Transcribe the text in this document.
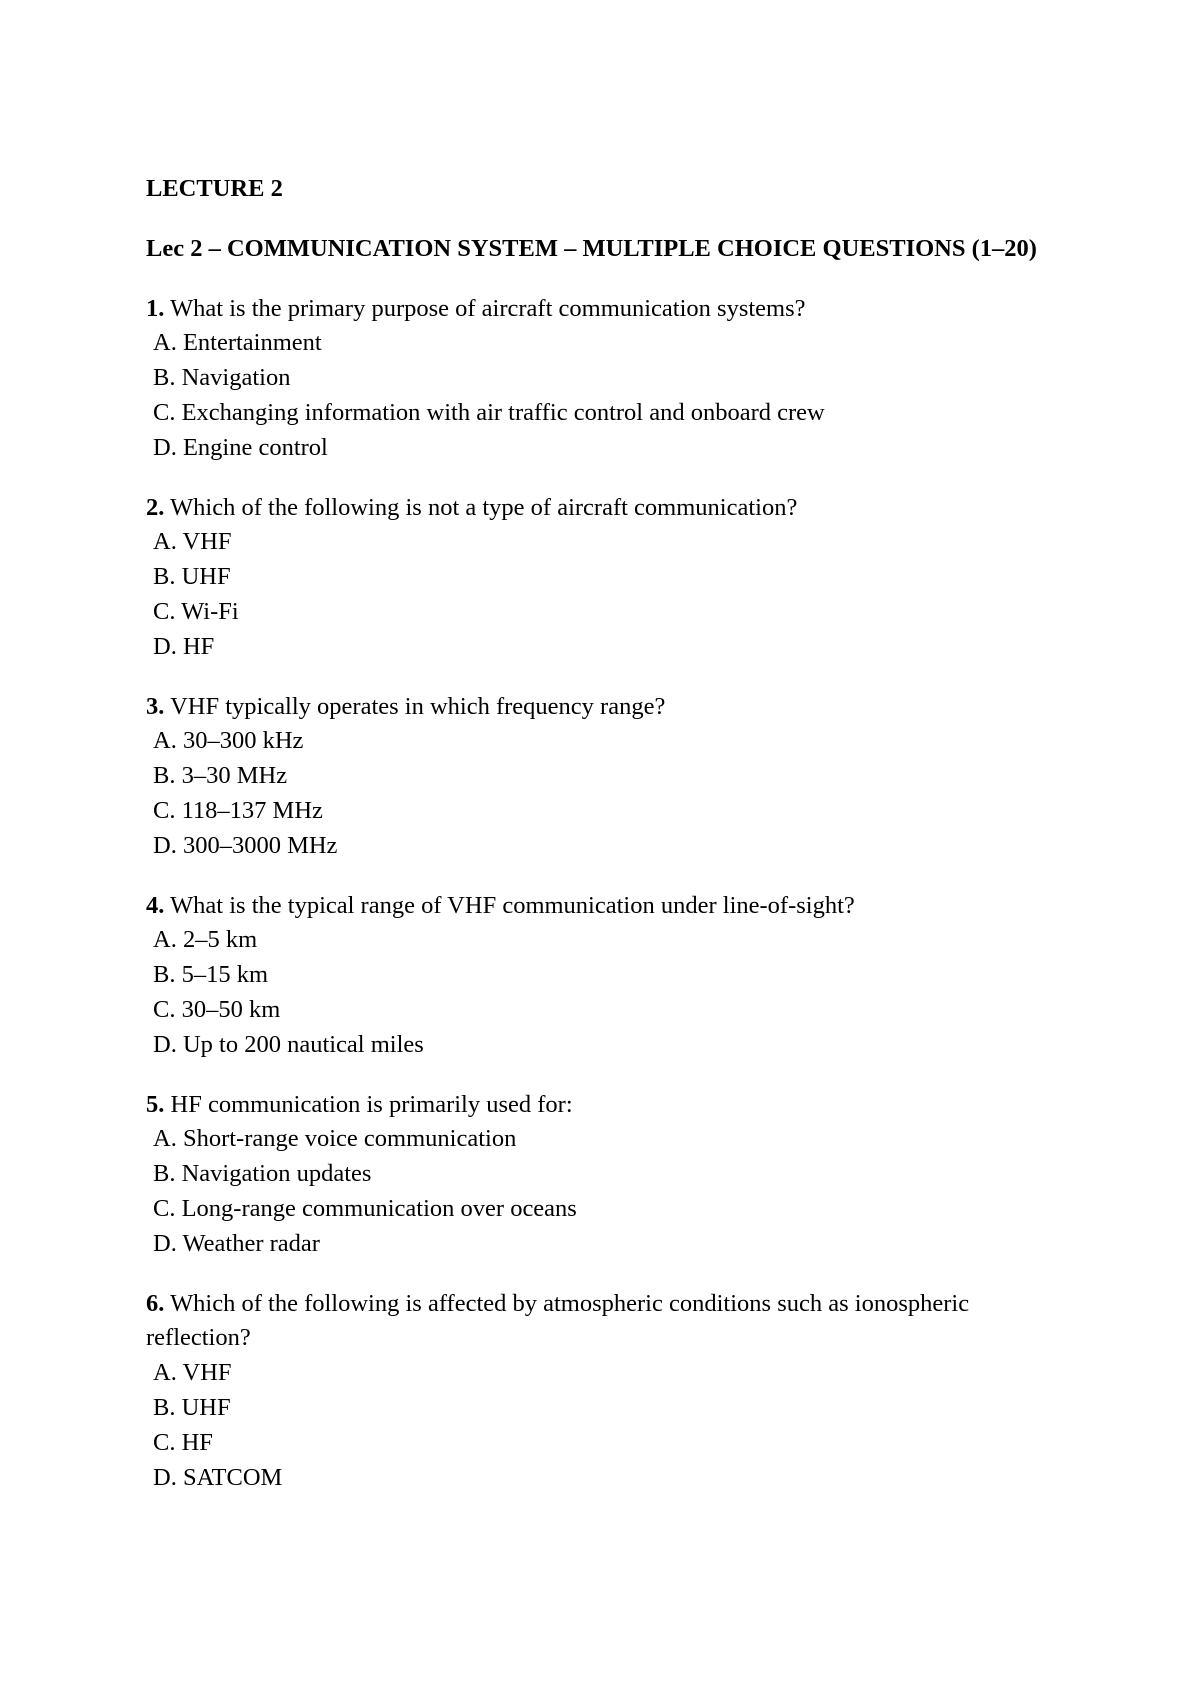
LECTURE 2

Lec 2 – COMMUNICATION SYSTEM – MULTIPLE CHOICE QUESTIONS (1–20)

1. What is the primary purpose of aircraft communication systems?

A. Entertainment
B. Navigation
C. Exchanging information with air traffic control and onboard crew
D. Engine control

2. Which of the following is not a type of aircraft communication?

A. VHF
B. UHF
C. Wi-Fi
D. HF

3. VHF typically operates in which frequency range?

A. 30–300 kHz
B. 3–30 MHz
C. 118–137 MHz
D. 300–3000 MHz

4. What is the typical range of VHF communication under line-of-sight?

A. 2–5 km
B. 5–15 km
C. 30–50 km
D. Up to 200 nautical miles

5. HF communication is primarily used for:

A. Short-range voice communication
B. Navigation updates
C. Long-range communication over oceans
D. Weather radar

6. Which of the following is affected by atmospheric conditions such as ionospheric reflection?

A. VHF
B. UHF
C. HF
D. SATCOM
